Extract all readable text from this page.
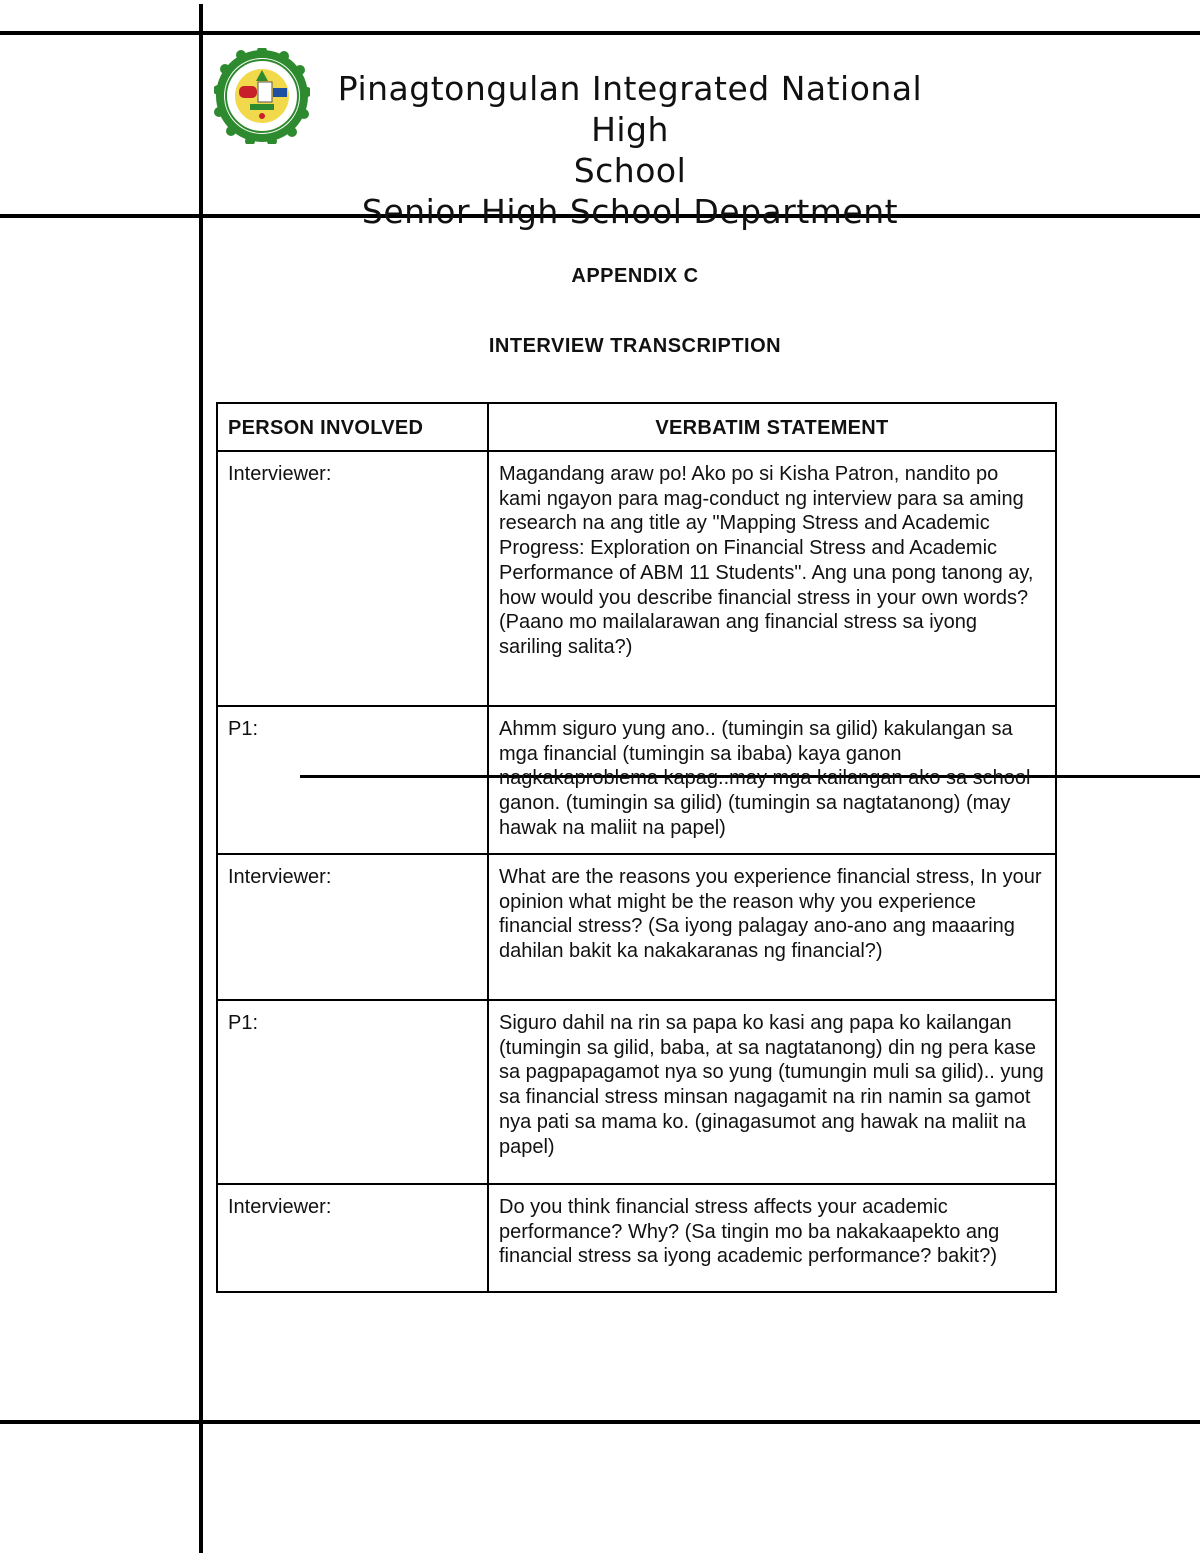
Pinagtongulan Integrated National High
School
Senior High School Department
APPENDIX C
INTERVIEW TRANSCRIPTION
PERSON INVOLVED	VERBATIM STATEMENT
Interviewer:	Magandang araw po! Ako po si Kisha Patron, nandito po kami ngayon para mag-conduct ng interview para sa aming research na ang title ay "Mapping Stress and Academic Progress: Exploration on Financial Stress and Academic Performance of ABM 11 Students". Ang una pong tanong ay, how would you describe financial stress in your own words? (Paano mo mailalarawan ang financial stress sa iyong sariling salita?)
P1:	Ahmm siguro yung ano.. (tumingin sa gilid) kakulangan sa mga financial (tumingin sa ibaba) kaya ganon nagkakaproblema kapag..may mga kailangan ako sa school ganon. (tumingin sa gilid) (tumingin sa nagtatanong) (may hawak na maliit na papel)
Interviewer:	What are the reasons you experience financial stress, In your opinion what might be the reason why you experience financial stress? (Sa iyong palagay ano-ano ang maaaring dahilan bakit ka nakakaranas ng financial?)
P1:	Siguro dahil na rin sa papa ko kasi ang papa ko kailangan (tumingin sa gilid, baba, at sa nagtatanong) din ng pera kase sa pagpapagamot nya so yung (tumungin muli sa gilid).. yung sa financial stress minsan nagagamit na rin namin sa gamot nya pati sa mama ko. (ginagasumot ang hawak na maliit na papel)
Interviewer:	Do you think financial stress affects your academic performance? Why? (Sa tingin mo ba nakakaapekto ang financial stress sa iyong academic performance? bakit?)
